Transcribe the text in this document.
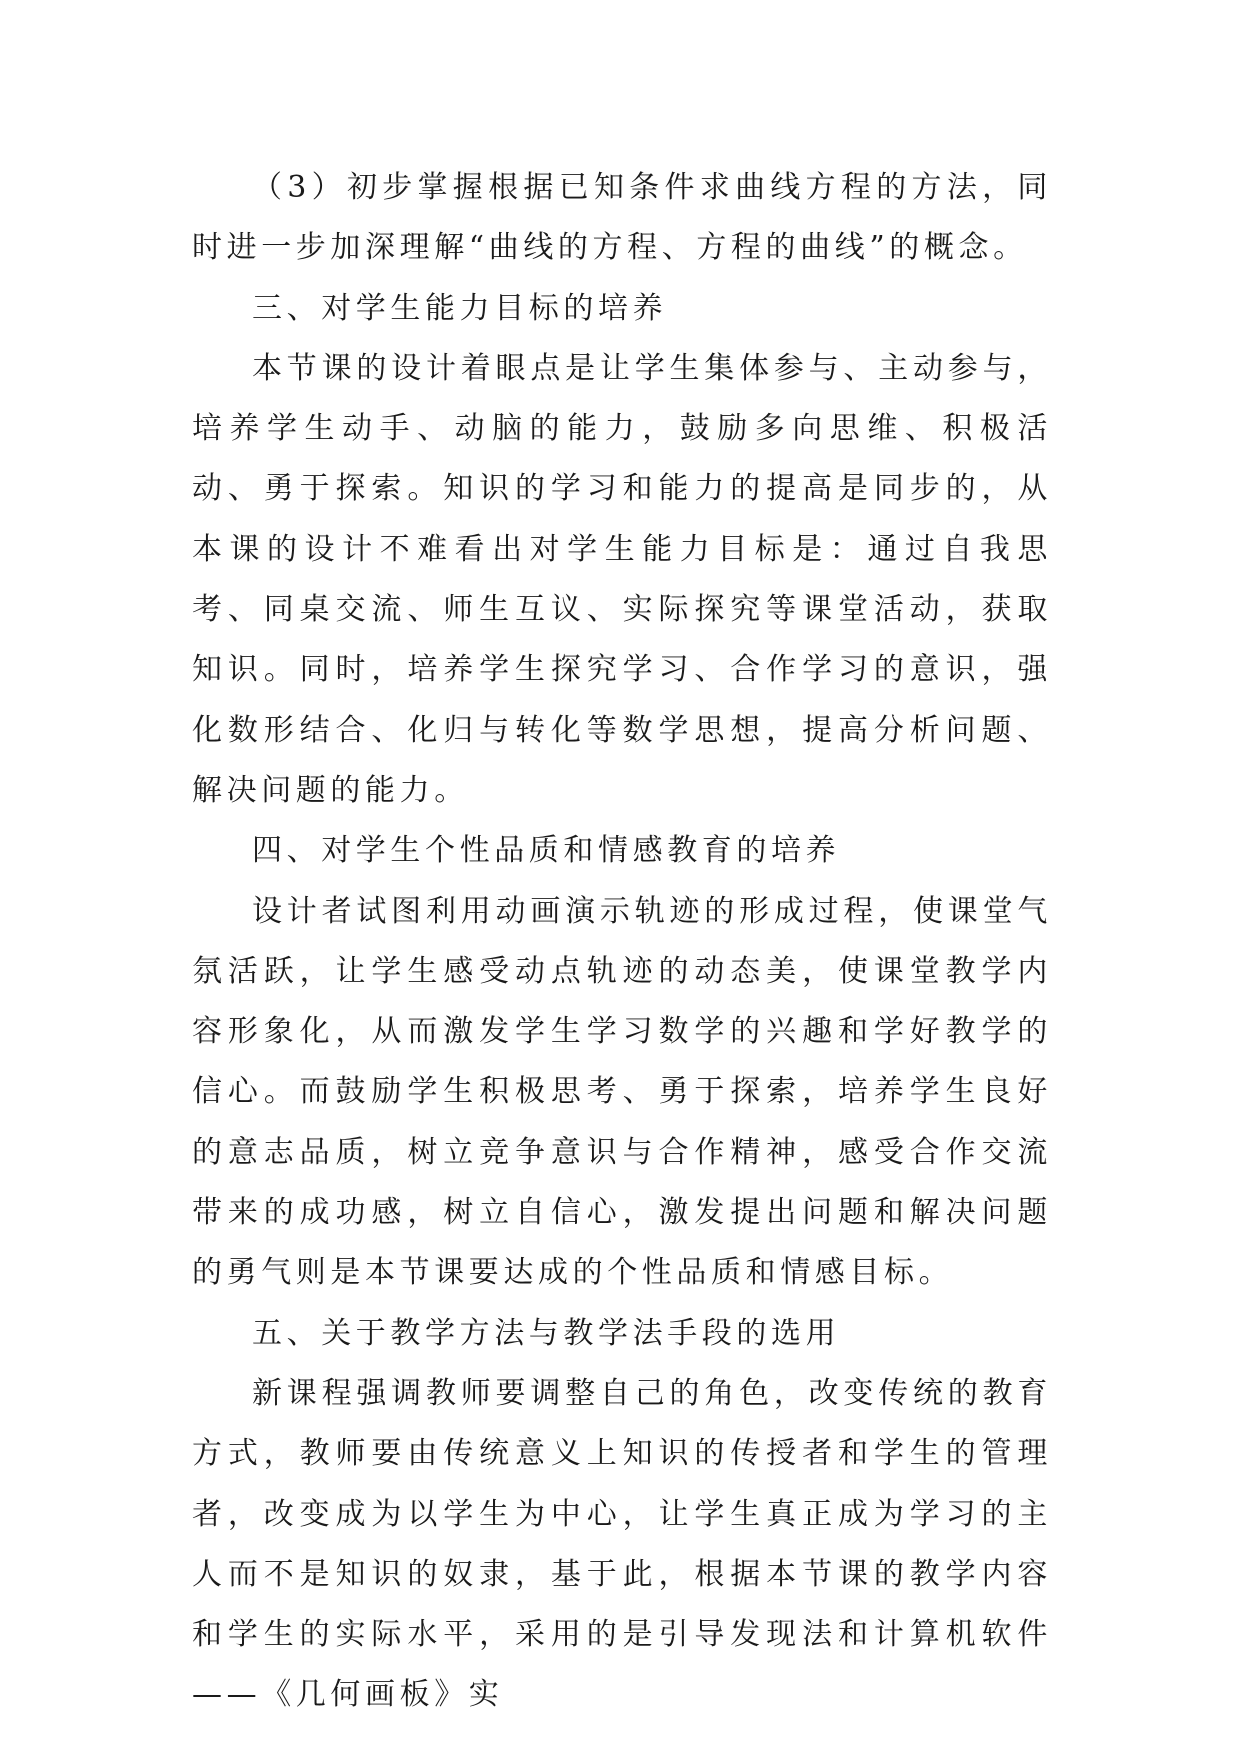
（3）初步掌握根据已知条件求曲线方程的方法，同时进一步加深理解“曲线的方程、方程的曲线”的概念。

三、对学生能力目标的培养

本节课的设计着眼点是让学生集体参与、主动参与，培养学生动手、动脑的能力，鼓励多向思维、积极活动、勇于探索。知识的学习和能力的提高是同步的，从本课的设计不难看出对学生能力目标是：通过自我思考、同桌交流、师生互议、实际探究等课堂活动，获取知识。同时，培养学生探究学习、合作学习的意识，强化数形结合、化归与转化等数学思想，提高分析问题、解决问题的能力。

四、对学生个性品质和情感教育的培养

设计者试图利用动画演示轨迹的形成过程，使课堂气氛活跃，让学生感受动点轨迹的动态美，使课堂教学内容形象化，从而激发学生学习数学的兴趣和学好教学的信心。而鼓励学生积极思考、勇于探索，培养学生良好的意志品质，树立竞争意识与合作精神，感受合作交流带来的成功感，树立自信心，激发提出问题和解决问题的勇气则是本节课要达成的个性品质和情感目标。

五、关于教学方法与教学法手段的选用

新课程强调教师要调整自己的角色，改变传统的教育方式，教师要由传统意义上知识的传授者和学生的管理者，改变成为以学生为中心，让学生真正成为学习的主人而不是知识的奴隶，基于此，根据本节课的教学内容和学生的实际水平，采用的是引导发现法和计算机软件——《几何画板》实
